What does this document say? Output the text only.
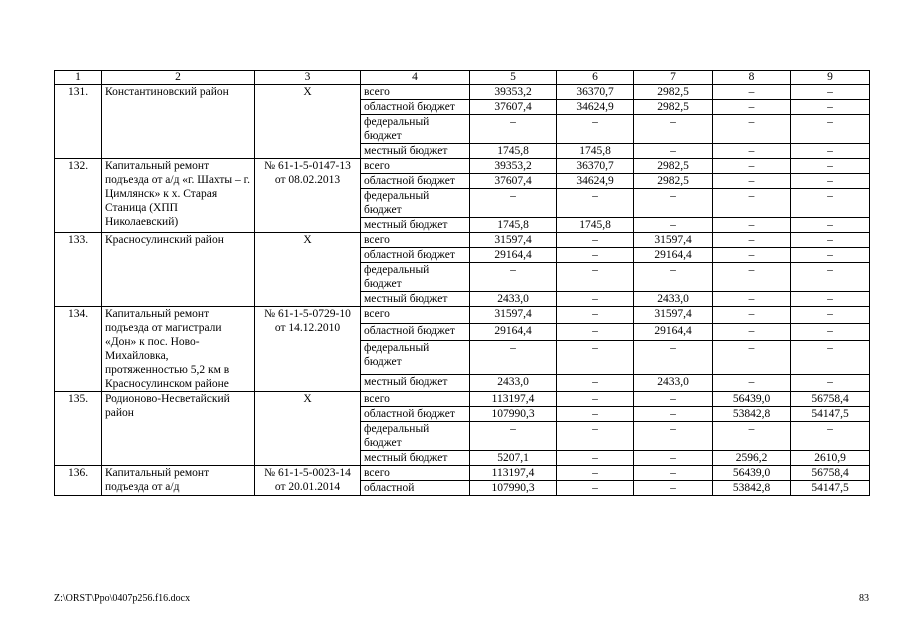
1	2	3	4	5	6	7	8	9
131.	Константиновский район	Х	всего	39353,2	36370,7	2982,5	–	–
			областной бюджет	37607,4	34624,9	2982,5	–	–
			федеральный бюджет	–	–	–	–	–
			местный бюджет	1745,8	1745,8	–	–	–
132.	Капитальный ремонт подъезда от а/д «г. Шахты – г. Цимлянск» к х. Старая Станица (ХПП Николаевский)	№ 61-1-5-0147-13 от 08.02.2013	всего	39353,2	36370,7	2982,5	–	–
			областной бюджет	37607,4	34624,9	2982,5	–	–
			федеральный бюджет	–	–	–	–	–
			местный бюджет	1745,8	1745,8	–	–	–
133.	Красносулинский район	Х	всего	31597,4	–	31597,4	–	–
			областной бюджет	29164,4	–	29164,4	–	–
			федеральный бюджет	–	–	–	–	–
			местный бюджет	2433,0	–	2433,0	–	–
134.	Капитальный ремонт подъезда от магистрали «Дон» к пос. Ново-Михайловка, протяженностью 5,2 км в Красносулинском районе	№ 61-1-5-0729-10 от 14.12.2010	всего	31597,4	–	31597,4	–	–
			областной бюджет	29164,4	–	29164,4	–	–
			федеральный бюджет	–	–	–	–	–
			местный бюджет	2433,0	–	2433,0	–	–
135.	Родионово-Несветайский район	Х	всего	113197,4	–	–	56439,0	56758,4
			областной бюджет	107990,3	–	–	53842,8	54147,5
			федеральный бюджет	–	–	–	–	–
			местный бюджет	5207,1	–	–	2596,2	2610,9
136.	Капитальный ремонт подъезда от а/д	№ 61-1-5-0023-14 от 20.01.2014	всего	113197,4	–	–	56439,0	56758,4
			областной	107990,3	–	–	53842,8	54147,5
Z:\ORST\Ppo\0407p256.f16.docx	83
